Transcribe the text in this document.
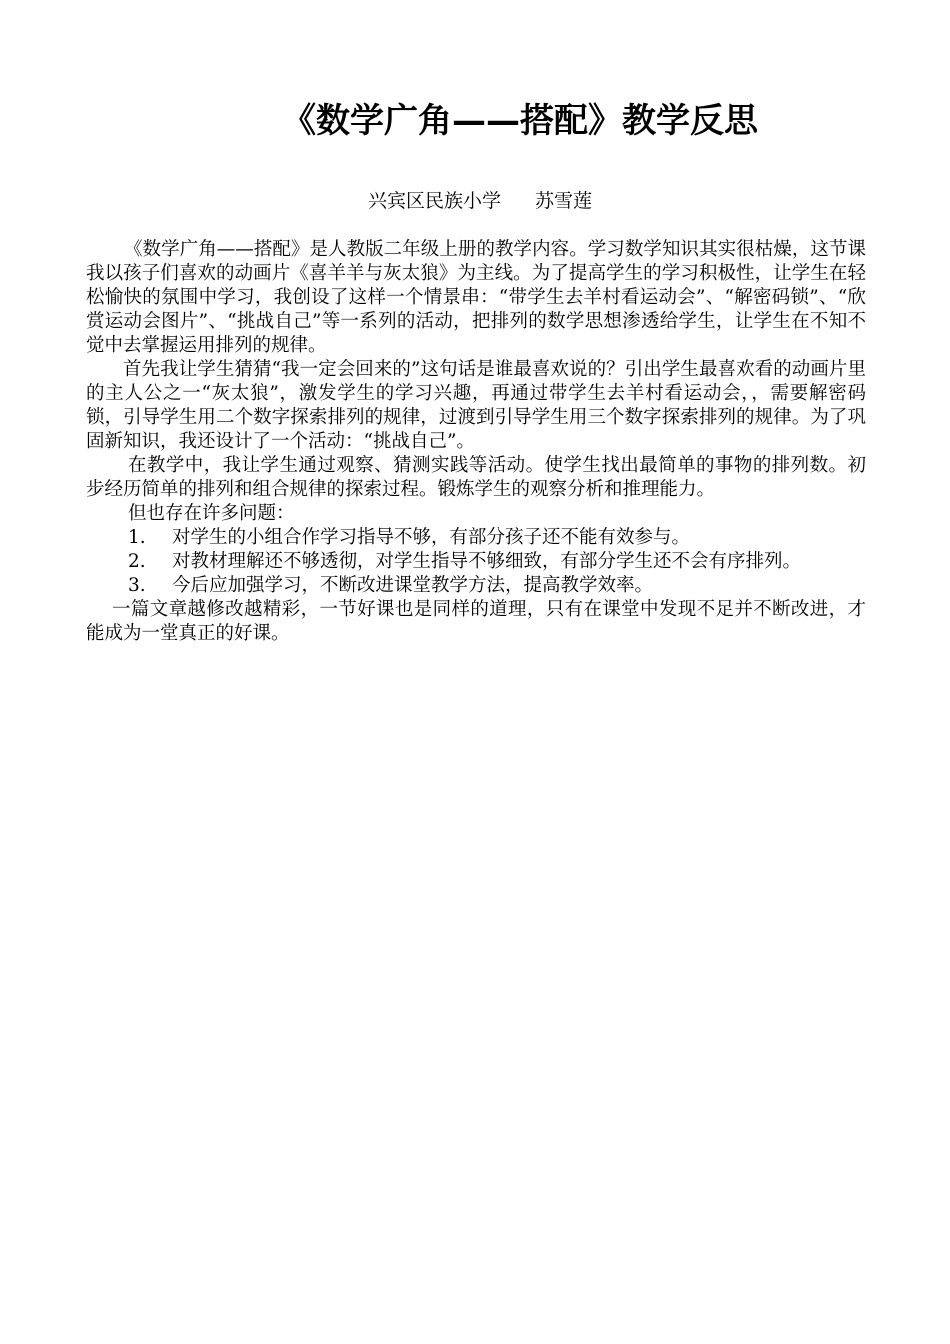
《数学广角——搭配》教学反思
兴宾区民族小学 苏雪莲

《数学广角——搭配》是人教版二年级上册的教学内容。学习数学知识其实很枯燥，这节课我以孩子们喜欢的动画片《喜羊羊与灰太狼》为主线。为了提高学生的学习积极性，让学生在轻松愉快的氛围中学习，我创设了这样一个情景串：“带学生去羊村看运动会”、“解密码锁”、“欣赏运动会图片”、“挑战自己”等一系列的活动，把排列的数学思想渗透给学生，让学生在不知不觉中去掌握运用排列的规律。

首先我让学生猜猜“我一定会回来的”这句话是谁最喜欢说的？引出学生最喜欢看的动画片里的主人公之一“灰太狼”，激发学生的学习兴趣，再通过带学生去羊村看运动会，，需要解密码锁，引导学生用二个数字探索排列的规律，过渡到引导学生用三个数字探索排列的规律。为了巩固新知识，我还设计了一个活动：“挑战自己”。

在教学中，我让学生通过观察、猜测实践等活动。使学生找出最简单的事物的排列数。初步经历简单的排列和组合规律的探索过程。锻炼学生的观察分析和推理能力。

但也存在许多问题：

1. 对学生的小组合作学习指导不够，有部分孩子还不能有效参与。

2. 对教材理解还不够透彻，对学生指导不够细致，有部分学生还不会有序排列。

3. 今后应加强学习，不断改进课堂教学方法，提高教学效率。

一篇文章越修改越精彩，一节好课也是同样的道理，只有在课堂中发现不足并不断改进，才能成为一堂真正的好课。
